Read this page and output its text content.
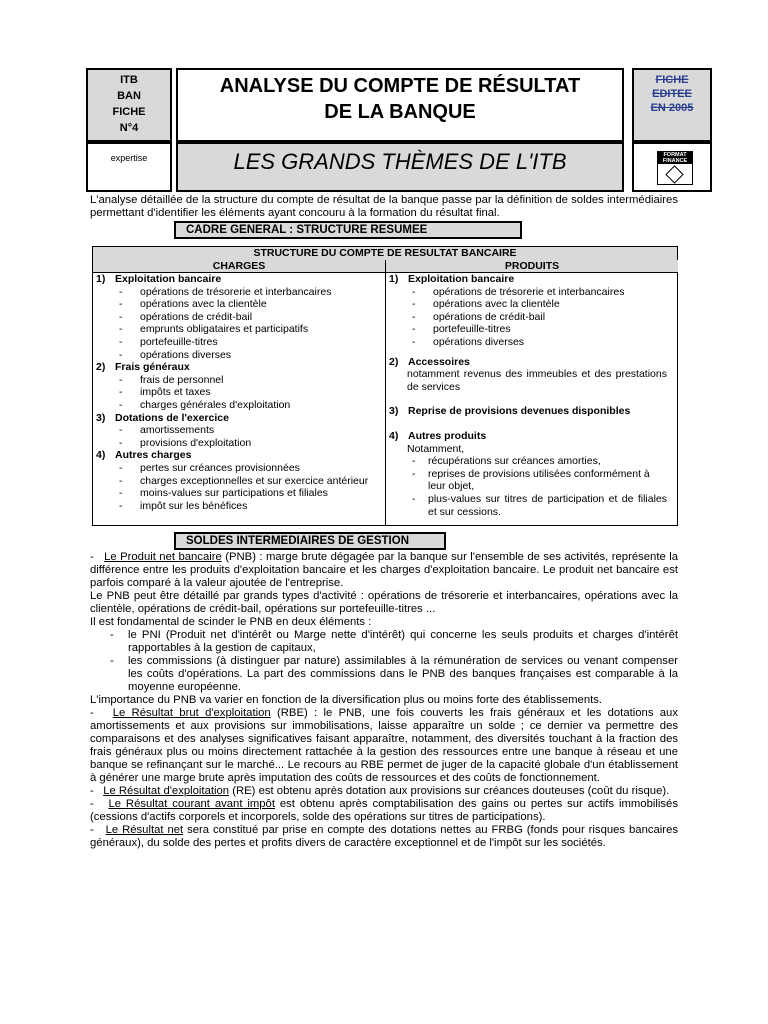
ITB
BAN
FICHE
N°4
expertise
ANALYSE DU COMPTE DE RÉSULTAT
DE LA BANQUE
LES GRANDS THÈMES DE L'ITB
FICHE
EDITEE
EN 2005
FORMAT
FINANCE
L'analyse détaillée de la structure du compte de résultat de la banque passe par la définition de soldes intermédiaires permettant d'identifier les éléments ayant concouru à la formation du résultat final.
CADRE GENERAL : STRUCTURE RESUMEE
STRUCTURE DU COMPTE DE RESULTAT BANCAIRE
CHARGES	PRODUITS
1) Exploitation bancaire
- opérations de trésorerie et interbancaires
- opérations avec la clientèle
- opérations de crédit-bail
- emprunts obligataires et participatifs
- portefeuille-titres
- opérations diverses
2) Frais généraux
- frais de personnel
- impôts et taxes
- charges générales d'exploitation
3) Dotations de l'exercice
- amortissements
- provisions d'exploitation
4) Autres charges
- pertes sur créances provisionnées
- charges exceptionnelles et sur exercice antérieur
- moins-values sur participations et filiales
- impôt sur les bénéfices
1) Exploitation bancaire
- opérations de trésorerie et interbancaires
- opérations avec la clientèle
- opérations de crédit-bail
- portefeuille-titres
- opérations diverses
2) Accessoires
notamment revenus des immeubles et des prestations de services
3) Reprise de provisions devenues disponibles
4) Autres produits
Notamment,
- récupérations sur créances amorties,
- reprises de provisions utilisées conformément à leur objet,
- plus-values sur titres de participation et de filiales et sur cessions.
SOLDES INTERMEDIAIRES DE GESTION
-   Le Produit net bancaire (PNB) : marge brute dégagée par la banque sur l'ensemble de ses activités, représente la différence entre les produits d'exploitation bancaire et les charges d'exploitation bancaire. Le produit net bancaire est parfois comparé à la valeur ajoutée de l'entreprise.
Le PNB peut être détaillé par grands types d'activité : opérations de trésorerie et interbancaires, opérations avec la clientèle, opérations de crédit-bail, opérations sur portefeuille-titres ...
Il est fondamental de scinder le PNB en deux éléments :
- le PNI (Produit net d'intérêt ou Marge nette d'intérêt) qui concerne les seuls produits et charges d'intérêt rapportables à la gestion de capitaux,
- les commissions (à distinguer par nature) assimilables à la rémunération de services ou venant compenser les coûts d'opérations. La part des commissions dans le PNB des banques françaises est comparable à la moyenne européenne.
L'importance du PNB va varier en fonction de la diversification plus ou moins forte des établissements.
-   Le Résultat brut d'exploitation (RBE) : le PNB, une fois couverts les frais généraux et les dotations aux amortissements et aux provisions sur immobilisations, laisse apparaître un solde ; ce dernier va permettre des comparaisons et des analyses significatives faisant apparaître, notamment, des diversités touchant à la fraction des frais généraux plus ou moins directement rattachée à la gestion des ressources entre une banque à réseau et une banque se refinançant sur le marché... Le recours au RBE permet de juger de la capacité globale d'un établissement à générer une marge brute après imputation des coûts de ressources et des coûts de fonctionnement.
-   Le Résultat d'exploitation (RE) est obtenu après dotation aux provisions sur créances douteuses (coût du risque).
-   Le Résultat courant avant impôt est obtenu après comptabilisation des gains ou pertes sur actifs immobilisés (cessions d'actifs corporels et incorporels, solde des opérations sur titres de participations).
-   Le Résultat net sera constitué par prise en compte des dotations nettes au FRBG (fonds pour risques bancaires généraux), du solde des pertes et profits divers de caractère exceptionnel et de l'impôt sur les sociétés.
